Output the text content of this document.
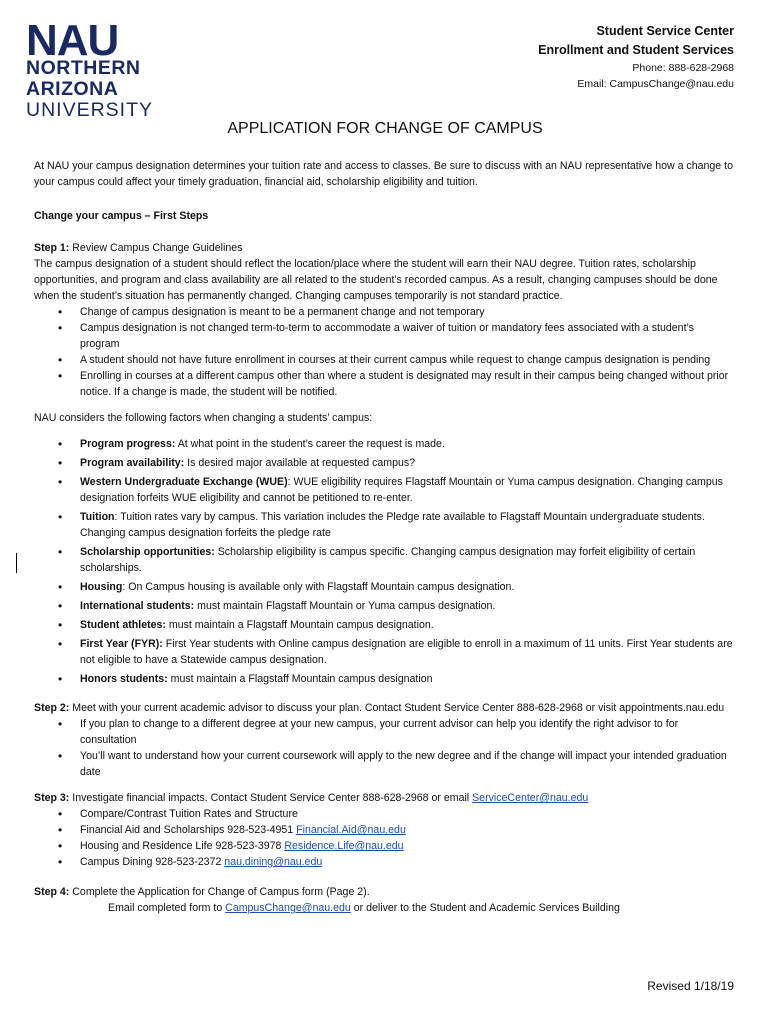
NAU
NORTHERN
ARIZONA
UNIVERSITY
Student Service Center
Enrollment and Student Services
Phone: 888-628-2968
Email: CampusChange@nau.edu
APPLICATION FOR CHANGE OF CAMPUS

At NAU your campus designation determines your tuition rate and access to classes. Be sure to discuss with an NAU representative how a change to your campus could affect your timely graduation, financial aid, scholarship eligibility and tuition.

Change your campus – First Steps

Step 1: Review Campus Change Guidelines

The campus designation of a student should reflect the location/place where the student will earn their NAU degree. Tuition rates, scholarship opportunities, and program and class availability are all related to the student’s recorded campus. As a result, changing campuses should be done when the student’s situation has permanently changed. Changing campuses temporarily is not standard practice.

• Change of campus designation is meant to be a permanent change and not temporary
• Campus designation is not changed term-to-term to accommodate a waiver of tuition or mandatory fees associated with a student’s program
• A student should not have future enrollment in courses at their current campus while request to change campus designation is pending
• Enrolling in courses at a different campus other than where a student is designated may result in their campus being changed without prior notice. If a change is made, the student will be notified.

NAU considers the following factors when changing a students’ campus:

• Program progress: At what point in the student’s career the request is made.
• Program availability: Is desired major available at requested campus?
• Western Undergraduate Exchange (WUE): WUE eligibility requires Flagstaff Mountain or Yuma campus designation. Changing campus designation forfeits WUE eligibility and cannot be petitioned to re-enter.
• Tuition: Tuition rates vary by campus. This variation includes the Pledge rate available to Flagstaff Mountain undergraduate students. Changing campus designation forfeits the pledge rate
• Scholarship opportunities: Scholarship eligibility is campus specific. Changing campus designation may forfeit eligibility of certain scholarships.
• Housing: On Campus housing is available only with Flagstaff Mountain campus designation.
• International students: must maintain Flagstaff Mountain or Yuma campus designation.
• Student athletes: must maintain a Flagstaff Mountain campus designation.
• First Year (FYR): First Year students with Online campus designation are eligible to enroll in a maximum of 11 units. First Year students are not eligible to have a Statewide campus designation.
• Honors students: must maintain a Flagstaff Mountain campus designation

Step 2: Meet with your current academic advisor to discuss your plan. Contact Student Service Center 888-628-2968 or visit appointments.nau.edu

• If you plan to change to a different degree at your new campus, your current advisor can help you identify the right advisor to for consultation
• You’ll want to understand how your current coursework will apply to the new degree and if the change will impact your intended graduation date

Step 3: Investigate financial impacts. Contact Student Service Center 888-628-2968 or email ServiceCenter@nau.edu

• Compare/Contrast Tuition Rates and Structure
• Financial Aid and Scholarships 928-523-4951 Financial.Aid@nau.edu
• Housing and Residence Life 928-523-3978 Residence.Life@nau.edu
• Campus Dining 928-523-2372 nau.dining@nau.edu

Step 4: Complete the Application for Change of Campus form (Page 2).

Email completed form to CampusChange@nau.edu or deliver to the Student and Academic Services Building

Revised 1/18/19
